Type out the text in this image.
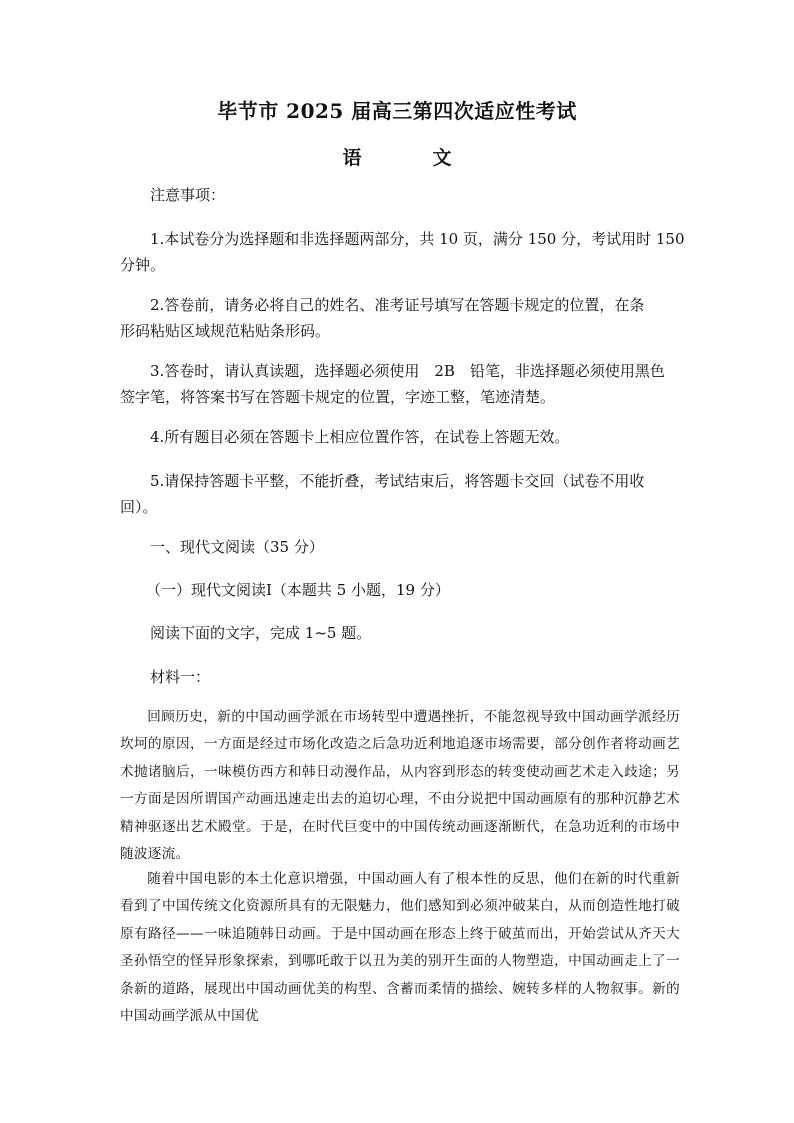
毕节市 2025 届高三第四次适应性考试
语　文
注意事项：
1.本试卷分为选择题和非选择题两部分，共 10 页，满分 150 分，考试用时 150
分钟。
2.答卷前，请务必将自己的姓名、准考证号填写在答题卡规定的位置，在条
形码粘贴区域规范粘贴条形码。
3.答卷时，请认真读题，选择题必须使用　2B　铅笔，非选择题必须使用黑色
签字笔，将答案书写在答题卡规定的位置，字迹工整，笔迹清楚。
4.所有题目必须在答题卡上相应位置作答，在试卷上答题无效。
5.请保持答题卡平整，不能折叠，考试结束后，将答题卡交回（试卷不用收
回）。
一、现代文阅读（35 分）
（一）现代文阅读Ⅰ（本题共 5 小题，19 分）
阅读下面的文字，完成 1~5 题。
材料一：

回顾历史，新的中国动画学派在市场转型中遭遇挫折，不能忽视导致中国动画学派经历坎坷的原因，一方面是经过市场化改造之后急功近利地追逐市场需要，部分创作者将动画艺术抛诸脑后，一味模仿西方和韩日动漫作品，从内容到形态的转变使动画艺术走入歧途；另一方面是因所谓国产动画迅速走出去的迫切心理，不由分说把中国动画原有的那种沉静艺术精神驱逐出艺术殿堂。于是，在时代巨变中的中国传统动画逐渐断代，在急功近利的市场中随波逐流。

随着中国电影的本土化意识增强，中国动画人有了根本性的反思，他们在新的时代重新看到了中国传统文化资源所具有的无限魅力，他们感知到必须冲破某白，从而创造性地打破原有路径——一味追随韩日动画。于是中国动画在形态上终于破茧而出，开始尝试从齐天大圣孙悟空的怪异形象探索，到哪吒敢于以丑为美的别开生面的人物塑造，中国动画走上了一条新的道路，展现出中国动画优美的构型、含蓄而柔情的描绘、婉转多样的人物叙事。新的中国动画学派从中国优
